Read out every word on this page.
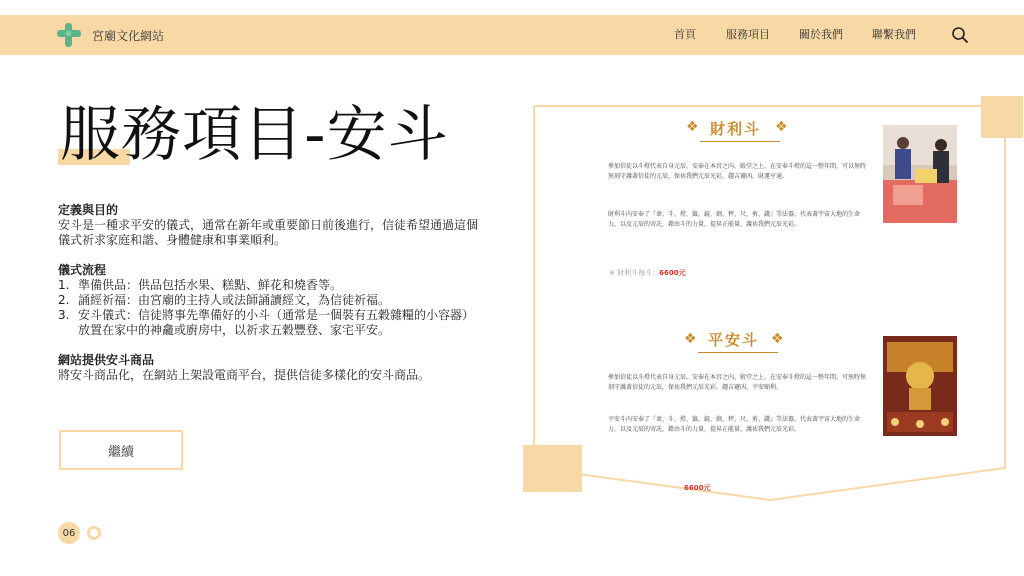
宮廟文化網站	首頁	服務項目	關於我們	聯繫我們
服務項目-安斗

定義與目的

安斗是一種求平安的儀式，通常在新年或重要節日前後進行，信徒希望通過這個儀式祈求家庭和諧、身體健康和事業順利。

儀式流程

1. 準備供品：供品包括水果、糕點、鮮花和燒香等。
2. 誦經祈福：由宮廟的主持人或法師誦讀經文，為信徒祈福。
3. 安斗儀式：信徒將事先準備好的小斗（通常是一個裝有五穀雜糧的小容器）放置在家中的神龕或廚房中，以祈求五穀豐登、家宅平安。

網站提供安斗商品

將安斗商品化，在網站上架設電商平台，提供信徒多樣化的安斗商品。

繼續
06
❖ 財利斗 ❖
參加信徒以斗燈代表自身元辰，安奉在本宮之內、殿堂之上，在安奉斗燈的這一整年間，可以無時無刻守護著信徒的元辰，保祐我們元辰光彩，趨吉避凶，財運亨通。
財利斗內安奉了『傘、斗、燈、籤、鏡、劍、秤、尺、剪、錢』等法器，代表著宇宙大地的生命力，以及元辰的寄託，藉由斗的力量，提昇正能量，護祐我們元辰光彩。
❀ 財利斗每斗：6600元
❖ 平安斗 ❖
參加信徒以斗燈代表自身元辰，安奉在本宮之內、殿堂之上，在安奉斗燈的這一整年間，可無時無刻守護著信徒的元辰，保祐我們元辰光彩，趨吉避凶，平安順利。
平安斗內安奉了『傘、斗、燈、籤、鏡、劍、秤、尺、剪、錢』等法器，代表著宇宙大地的生命力，以及元辰的寄託，藉由斗的力量，提昇正能量，護祐我們元辰光彩。
6600元
